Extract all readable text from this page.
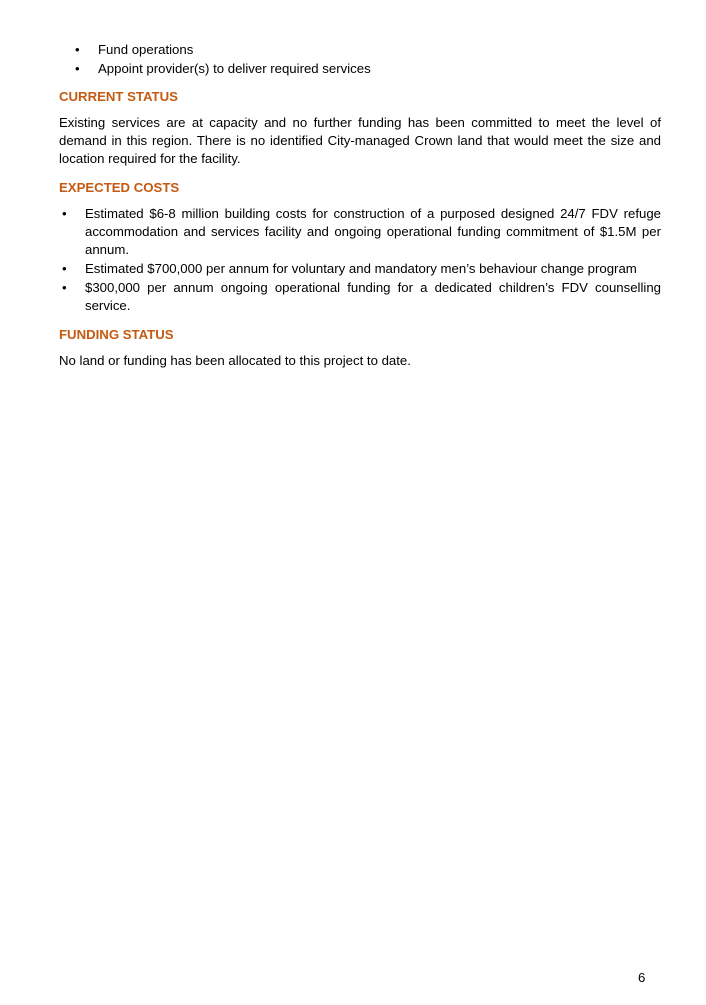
• Fund operations
• Appoint provider(s) to deliver required services
CURRENT STATUS

Existing services are at capacity and no further funding has been committed to meet the level of demand in this region. There is no identified City-managed Crown land that would meet the size and location required for the facility.

EXPECTED COSTS
• Estimated $6-8 million building costs for construction of a purposed designed 24/7 FDV refuge accommodation and services facility and ongoing operational funding commitment of $1.5M per annum.
• Estimated $700,000 per annum for voluntary and mandatory men’s behaviour change program
• $300,000 per annum ongoing operational funding for a dedicated children’s FDV counselling service.
FUNDING STATUS

No land or funding has been allocated to this project to date.

6
